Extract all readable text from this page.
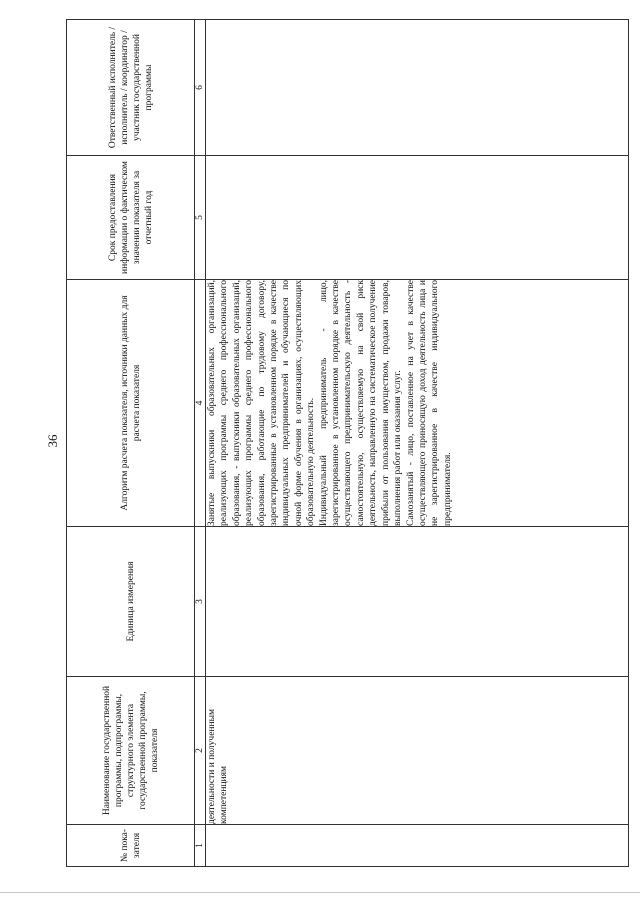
36
№ пока-зателя	Наименование государственной программы, подпрограммы, структурного элемента государственной программы, показателя	Единица измерения	Алгоритм расчета показателя, источники данных для расчета показателя	Срок предоставления информации о фактическом значении показателя за отчетный год	Ответственный исполнитель / исполнитель / координатор / участник государственной программы
1	2	3	4	5	6
	деятельности и полученным компетенциям		Занятые выпускники образовательных организаций, реализующих программы среднего профессионального образования, - выпускники образовательных организаций, реализующих программы среднего профессионального образования, работающие по трудовому договору, зарегистрированные в установленном порядке в качестве индивидуальных предпринимателей и обучающиеся по очной форме обучения в организациях, осуществляющих образовательную деятельность. Индивидуальный предприниматель - лицо, зарегистрированное в установленном порядке в качестве осуществляющего предпринимательскую деятельность - самостоятельную, осуществляемую на свой риск деятельность, направленную на систематическое получение прибыли от пользования имуществом, продажи товаров, выполнения работ или оказания услуг. Самозанятый - лицо, поставленное на учет в качестве осуществляющего приносящую доход деятельность лица и не зарегистрированное в качестве индивидуального предпринимателя.		
